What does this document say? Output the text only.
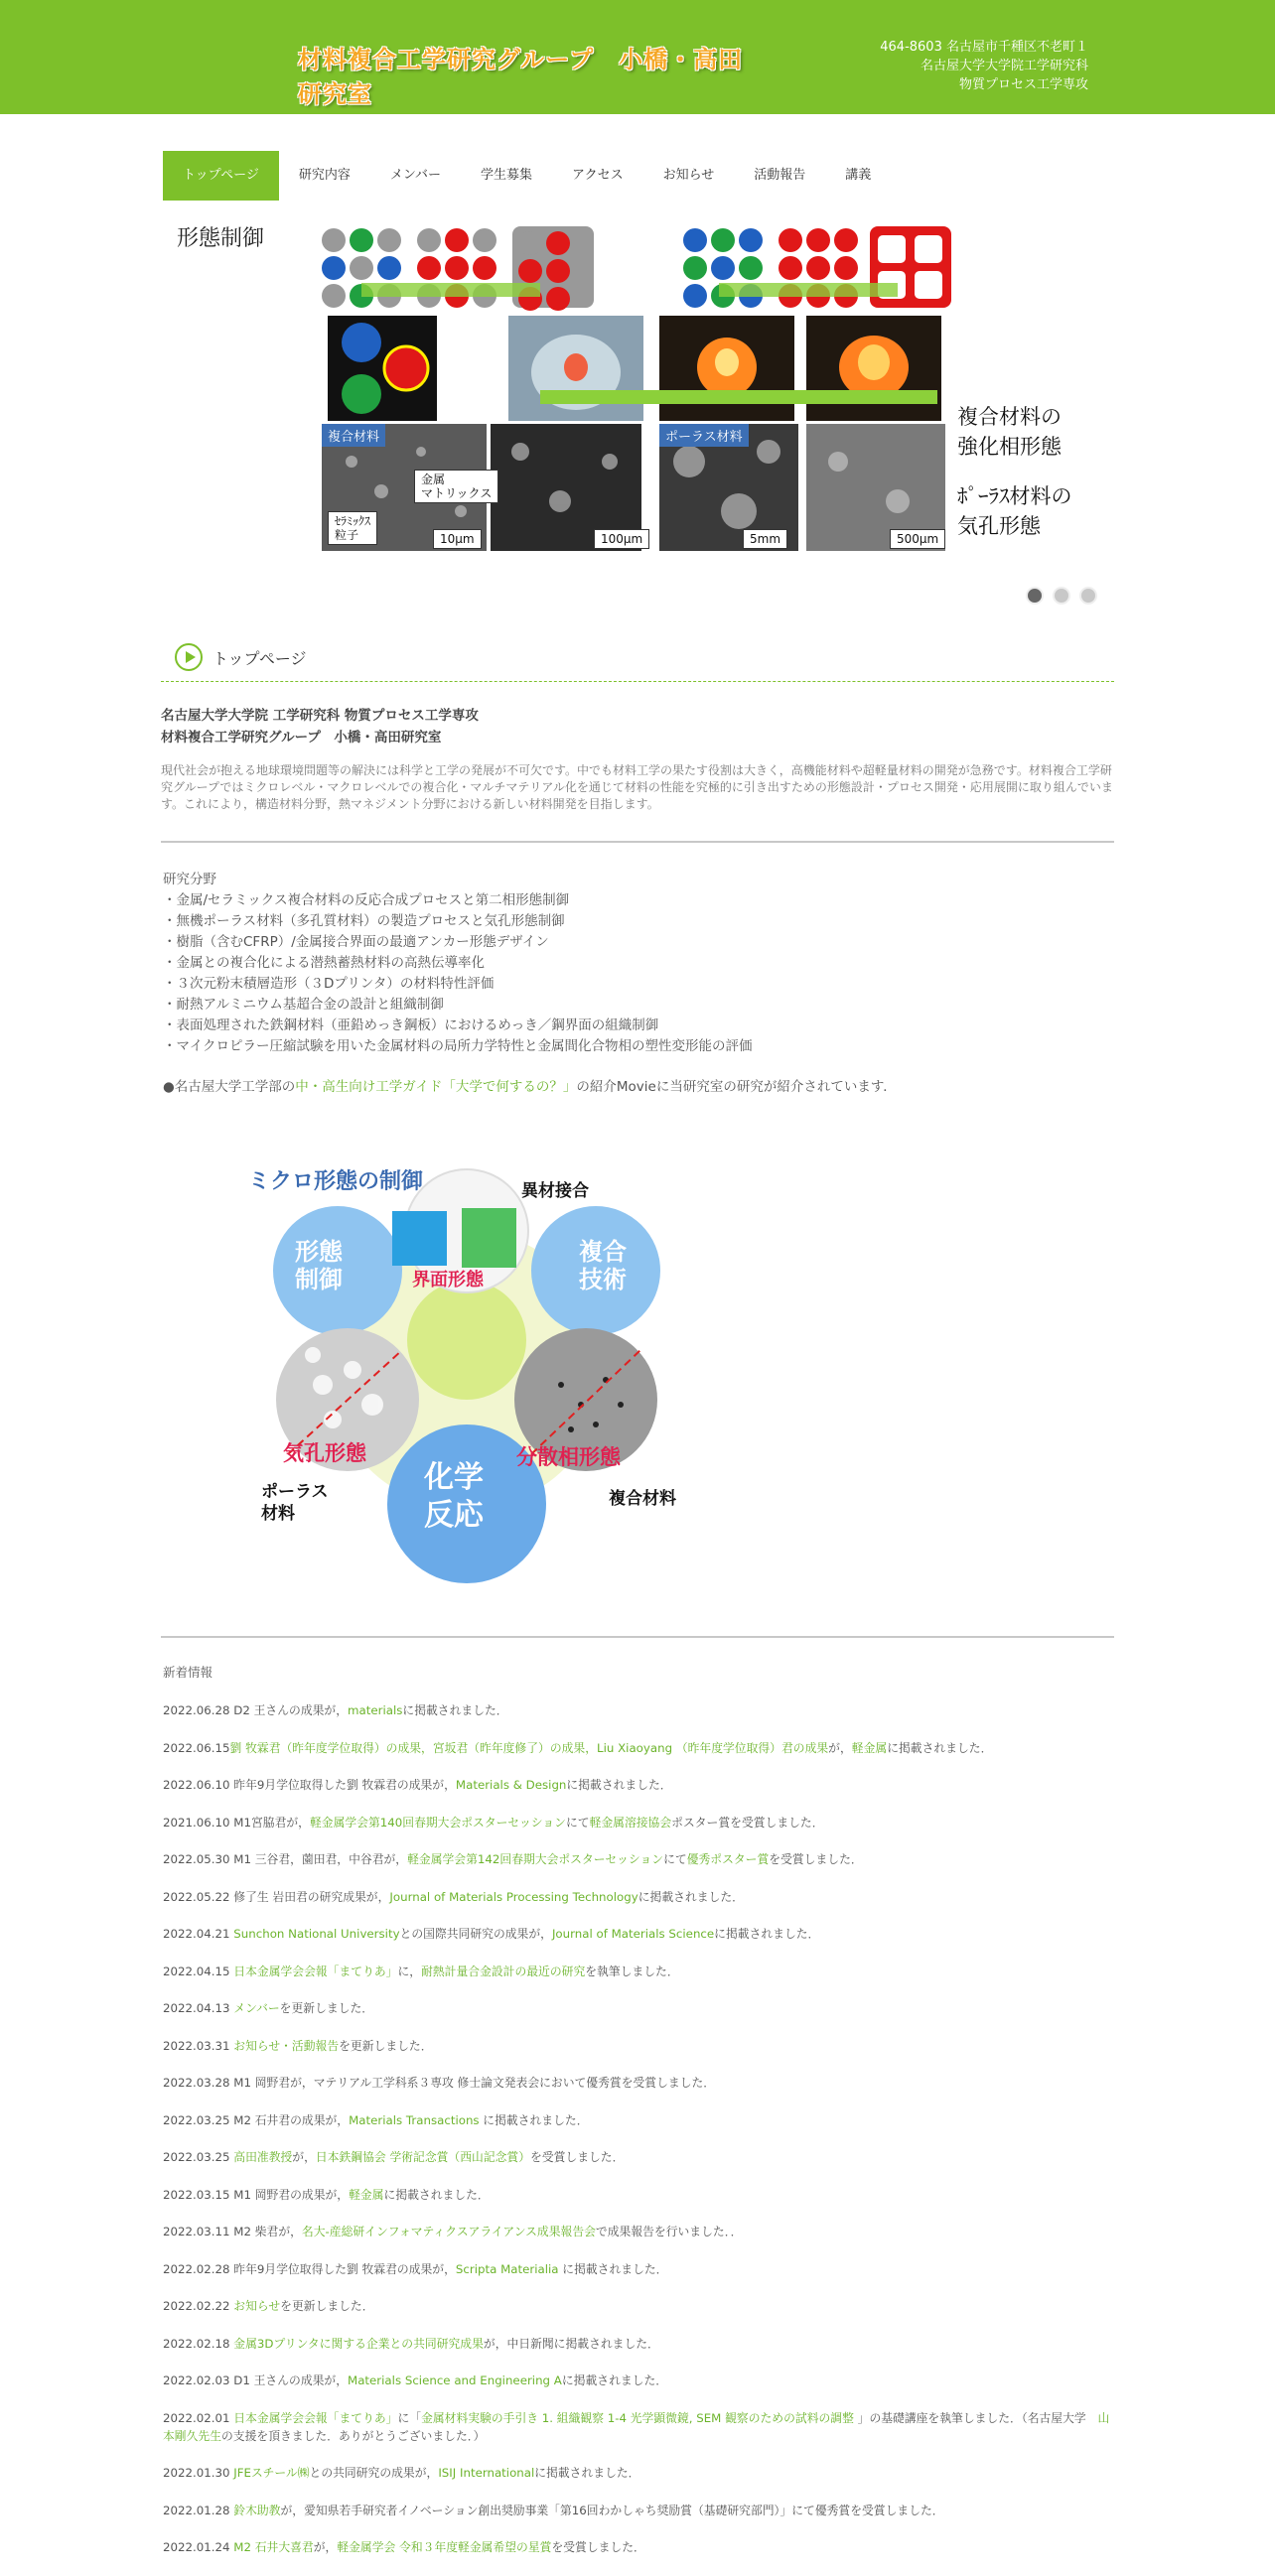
材料複合工学研究グループ　小橋・高田研究室
464-8603 名古屋市千種区不老町１
名古屋大学大学院工学研究科
物質プロセス工学専攻
トップページ	研究内容	メンバー	学生募集	アクセス	お知らせ	活動報告	講義
形態制御
複合材料	ポーラス材料
金属
マトリックス
ｾﾗﾐｯｸｽ
粒子	10μm	100μm	5mm	500μm
複合材料の
強化相形態
ﾎﾟｰﾗｽ材料の
気孔形態
トップページ
名古屋大学大学院 工学研究科 物質プロセス工学専攻
材料複合工学研究グループ　小橋・高田研究室
現代社会が抱える地球環境問題等の解決には科学と工学の発展が不可欠です。中でも材料工学の果たす役割は大きく，高機能材料や超軽量材料の開発が急務です。材料複合工学研究グループではミクロレベル・マクロレベルでの複合化・マルチマテリアル化を通じて材料の性能を究極的に引き出すための形態設計・プロセス開発・応用展開に取り組んでいます。これにより，構造材料分野，熱マネジメント分野における新しい材料開発を目指します。
研究分野
・金属/セラミックス複合材料の反応合成プロセスと第二相形態制御
・無機ポーラス材料（多孔質材料）の製造プロセスと気孔形態制御
・樹脂（含むCFRP）/金属接合界面の最適アンカー形態デザイン
・金属との複合化による潜熱蓄熱材料の高熱伝導率化
・３次元粉末積層造形（３Dプリンタ）の材料特性評価
・耐熱アルミニウム基超合金の設計と組織制御
・表面処理された鉄鋼材料（亜鉛めっき鋼板）におけるめっき／鋼界面の組織制御
・マイクロピラー圧縮試験を用いた金属材料の局所力学特性と金属間化合物相の塑性変形能の評価
●名古屋大学工学部の中・高生向け工学ガイド「大学で何するの？」の紹介Movieに当研究室の研究が紹介されています．
ミクロ形態の制御	異材接合
界面形態
形態
制御
複合
技術
化学
反応
気孔形態	分散相形態
ポーラス
材料
複合材料
新着情報
2022.06.28 D2 王さんの成果が，materialsに掲載されました．
2022.06.15劉 牧霖君（昨年度学位取得）の成果，宮坂君（昨年度修了）の成果，Liu Xiaoyang （昨年度学位取得）君の成果が，軽金属に掲載されました．
2022.06.10 昨年9月学位取得した劉 牧霖君の成果が，Materials & Designに掲載されました．
2021.06.10 M1宮脇君が，軽金属学会第140回春期大会ポスターセッションにて軽金属溶接協会ポスター賞を受賞しました．
2022.05.30 M1 三谷君，薗田君，中谷君が，軽金属学会第142回春期大会ポスターセッションにて優秀ポスター賞を受賞しました．
2022.05.22 修了生 岩田君の研究成果が，Journal of Materials Processing Technologyに掲載されました．
2022.04.21 Sunchon National Universityとの国際共同研究の成果が，Journal of Materials Scienceに掲載されました．
2022.04.15 日本金属学会会報「まてりあ」に，耐熱計量合金設計の最近の研究を執筆しました．
2022.04.13 メンバーを更新しました．
2022.03.31 お知らせ・活動報告を更新しました．
2022.03.28 M1 岡野君が，マテリアル工学科系３専攻 修士論文発表会において優秀賞を受賞しました．
2022.03.25 M2 石井君の成果が，Materials Transactions に掲載されました．
2022.03.25 高田准教授が，日本鉄鋼協会 学術記念賞（西山記念賞）を受賞しました．
2022.03.15 M1 岡野君の成果が，軽金属に掲載されました．
2022.03.11 M2 柴君が，名大-産総研インフォマティクスアライアンス成果報告会で成果報告を行いました．．
2022.02.28 昨年9月学位取得した劉 牧霖君の成果が，Scripta Materialia に掲載されました．
2022.02.22 お知らせを更新しました．
2022.02.18 金属3Dプリンタに関する企業との共同研究成果が，中日新聞に掲載されました．
2022.02.03 D1 王さんの成果が，Materials Science and Engineering Aに掲載されました．
2022.02.01 日本金属学会会報「まてりあ」に「金属材料実験の手引き 1. 組織観察 1-4 光学顕微鏡, SEM 観察のための試料の調整 」の基礎講座を執筆しました．（名古屋大学　山本剛久先生の支援を頂きました．ありがとうございました．）
2022.01.30 JFEスチール㈱との共同研究の成果が，ISIJ Internationalに掲載されました．
2022.01.28 鈴木助教が，愛知県若手研究者イノベーション創出奨励事業「第16回わかしゃち奨励賞（基礎研究部門）」にて優秀賞を受賞しました．
2022.01.24 M2 石井大喜君が，軽金属学会 令和３年度軽金属希望の星賞を受賞しました．
